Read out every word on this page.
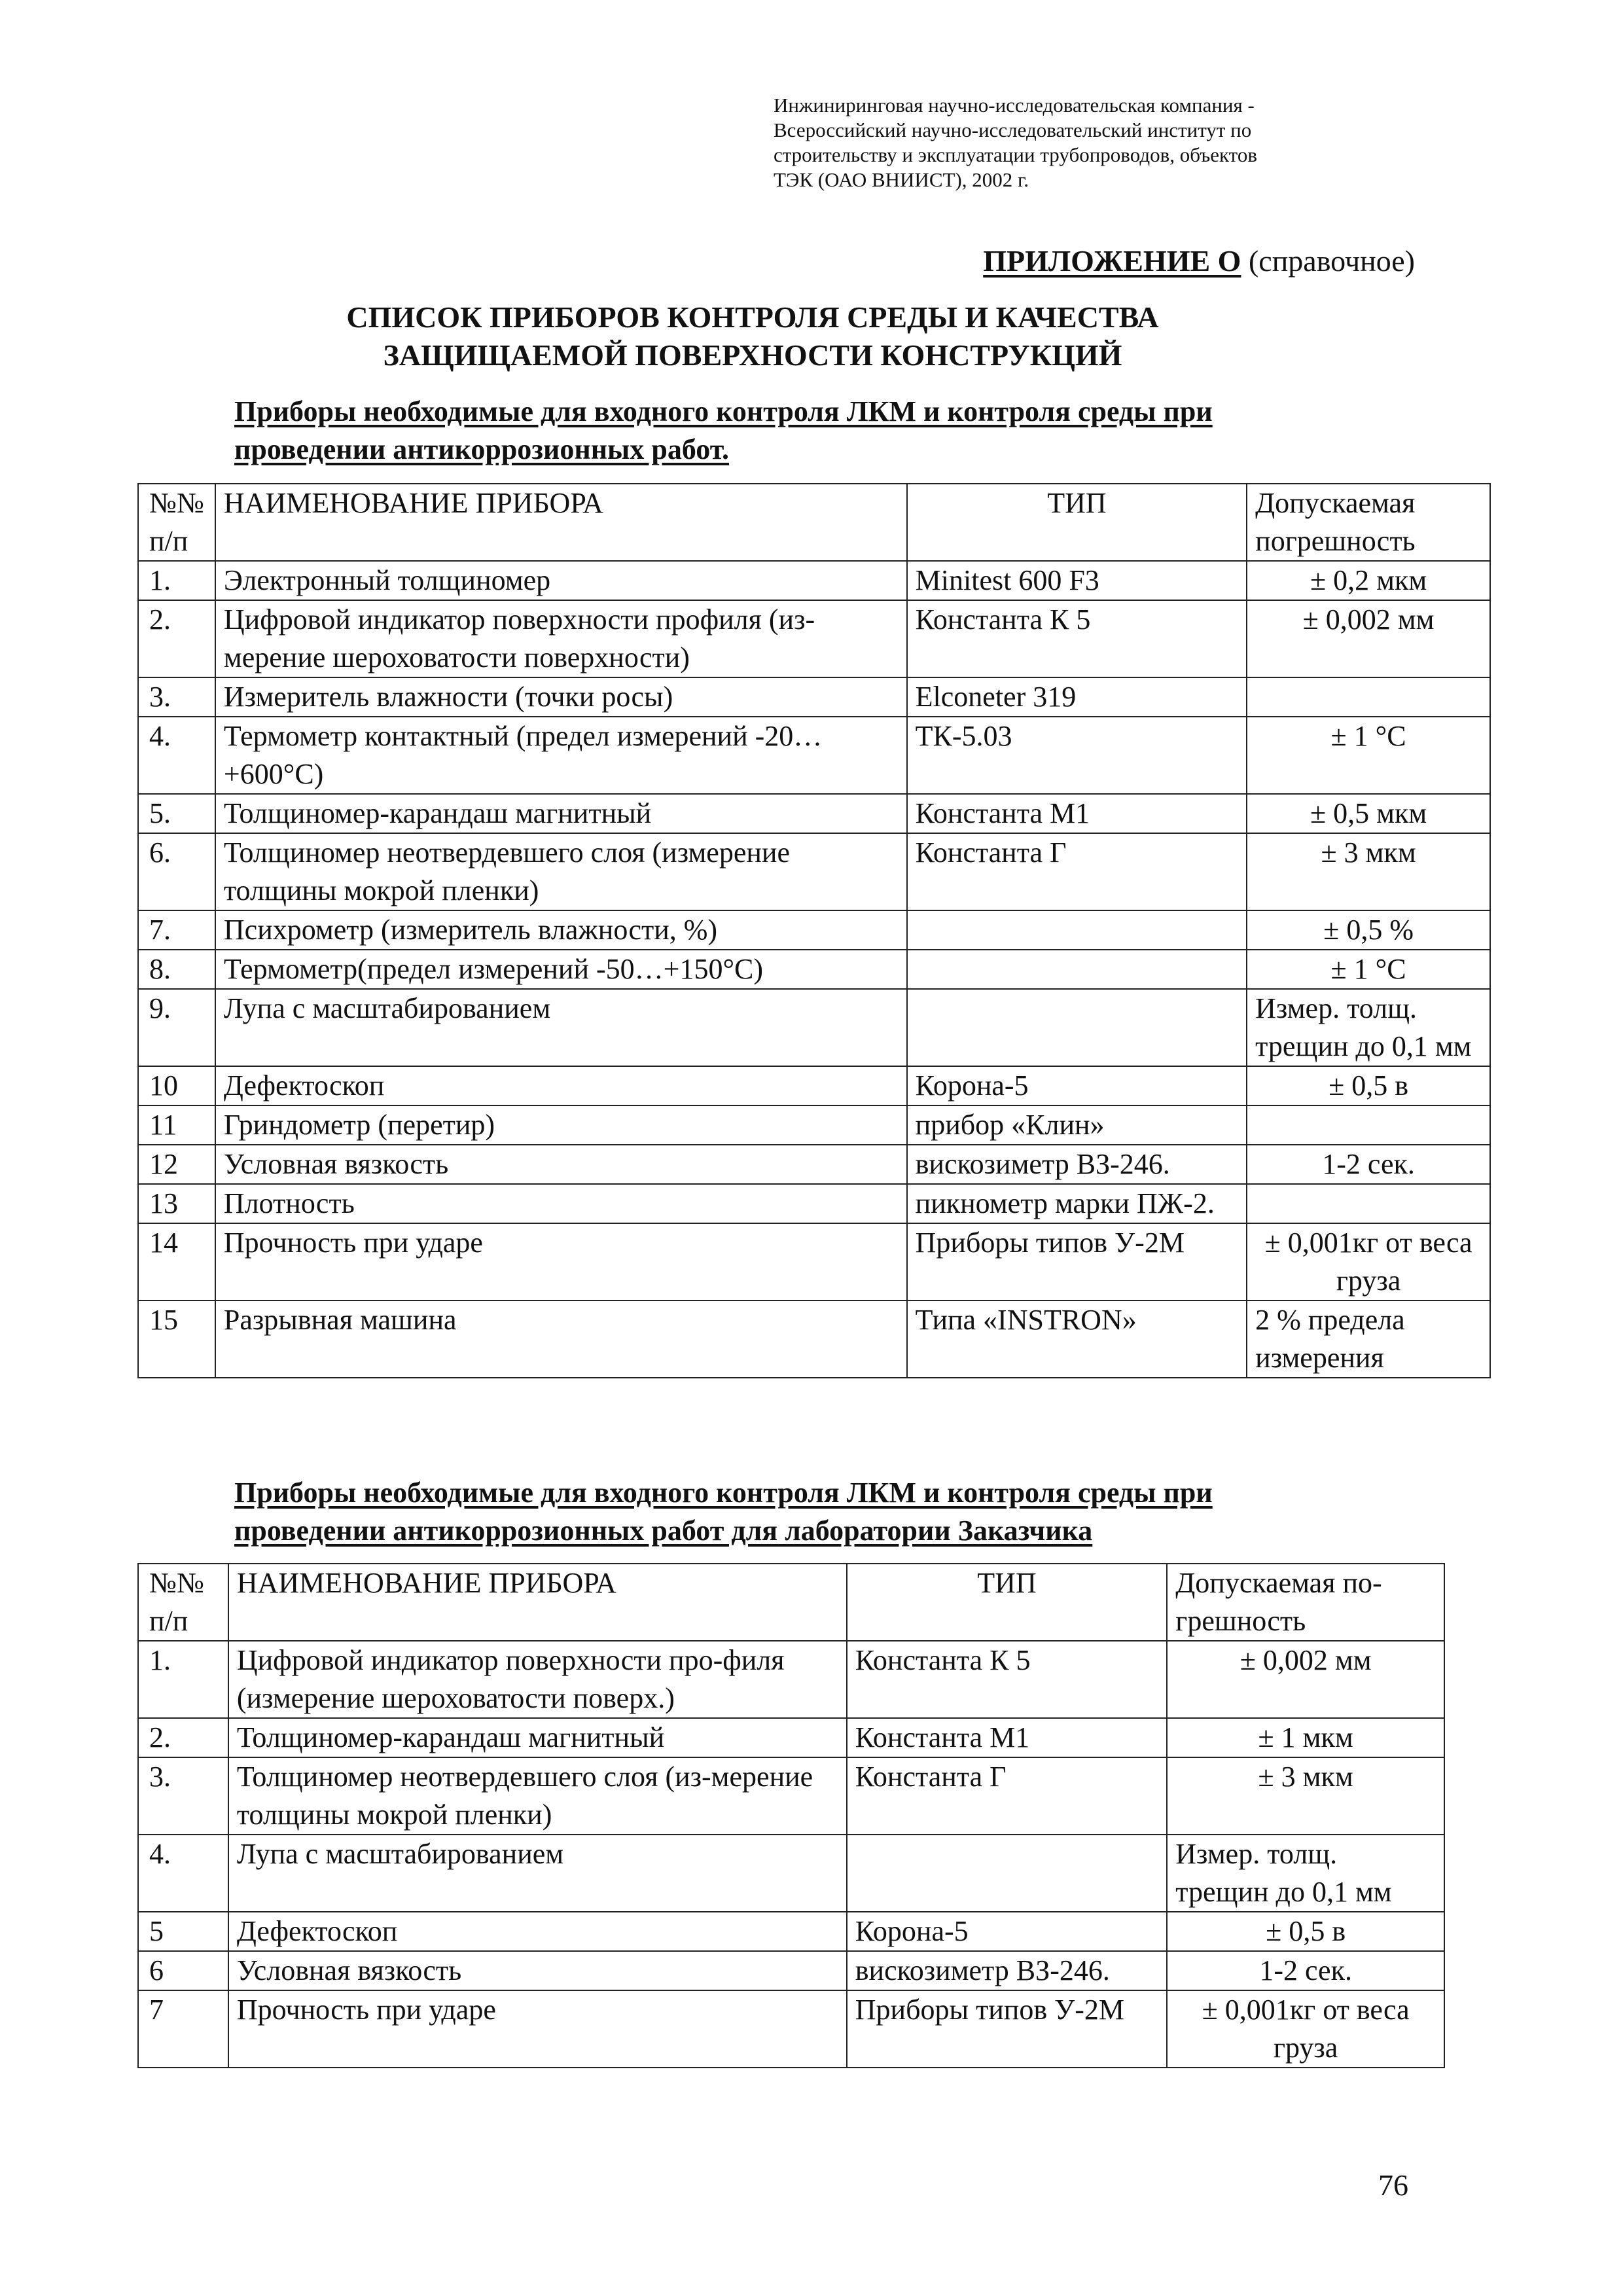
Инжиниринговая научно-исследовательская компания -
Всероссийский научно-исследовательский институт по
строительству и эксплуатации трубопроводов, объектов
ТЭК (ОАО ВНИИСТ), 2002 г.
ПРИЛОЖЕНИЕ О (справочное)
СПИСОК ПРИБОРОВ КОНТРОЛЯ СРЕДЫ И КАЧЕСТВА
ЗАЩИЩАЕМОЙ ПОВЕРХНОСТИ КОНСТРУКЦИЙ
Приборы необходимые для входного контроля ЛКМ и контроля среды при
проведении антикоррозионных работ.
№№ п/п	НАИМЕНОВАНИЕ ПРИБОРА	ТИП	Допускаемая погрешность
1.	Электронный толщиномер	Minitest 600 F3	± 0,2 мкм
2.	Цифровой индикатор поверхности профиля (из-мерение шероховатости поверхности)	Константа К 5	± 0,002 мм
3.	Измеритель влажности (точки росы)	Elconeter 319	
4.	Термометр контактный (предел измерений -20…+600°C)	ТК-5.03	± 1 °С
5.	Толщиномер-карандаш магнитный	Константа М1	± 0,5 мкм
6.	Толщиномер неотвердевшего слоя (измерение толщины мокрой пленки)	Константа Г	± 3 мкм
7.	Психрометр (измеритель влажности, %)		± 0,5 %
8.	Термометр(предел измерений -50…+150°C)		± 1 °С
9.	Лупа с масштабированием		Измер. толщ. трещин до 0,1 мм
10	Дефектоскоп	Корона-5	± 0,5 в
11	Гриндометр (перетир)	прибор «Клин»	
12	Условная вязкость	вискозиметр ВЗ-246.	1-2 сек.
13	Плотность	пикнометр марки ПЖ-2.	
14	Прочность при ударе	Приборы типов У-2М	± 0,001кг от веса груза
15	Разрывная машина	Типа «INSTRON»	2 % предела измерения
Приборы необходимые для входного контроля ЛКМ и контроля среды при
проведении антикоррозионных работ для лаборатории Заказчика
№№ п/п	НАИМЕНОВАНИЕ ПРИБОРА	ТИП	Допускаемая по-грешность
1.	Цифровой индикатор поверхности про-филя (измерение шероховатости поверх.)	Константа К 5	± 0,002 мм
2.	Толщиномер-карандаш магнитный	Константа М1	± 1 мкм
3.	Толщиномер неотвердевшего слоя (из-мерение толщины мокрой пленки)	Константа Г	± 3 мкм
4.	Лупа с масштабированием		Измер. толщ. трещин до 0,1 мм
5	Дефектоскоп	Корона-5	± 0,5 в
6	Условная вязкость	вискозиметр ВЗ-246.	1-2 сек.
7	Прочность при ударе	Приборы типов У-2М	± 0,001кг от веса груза
76
